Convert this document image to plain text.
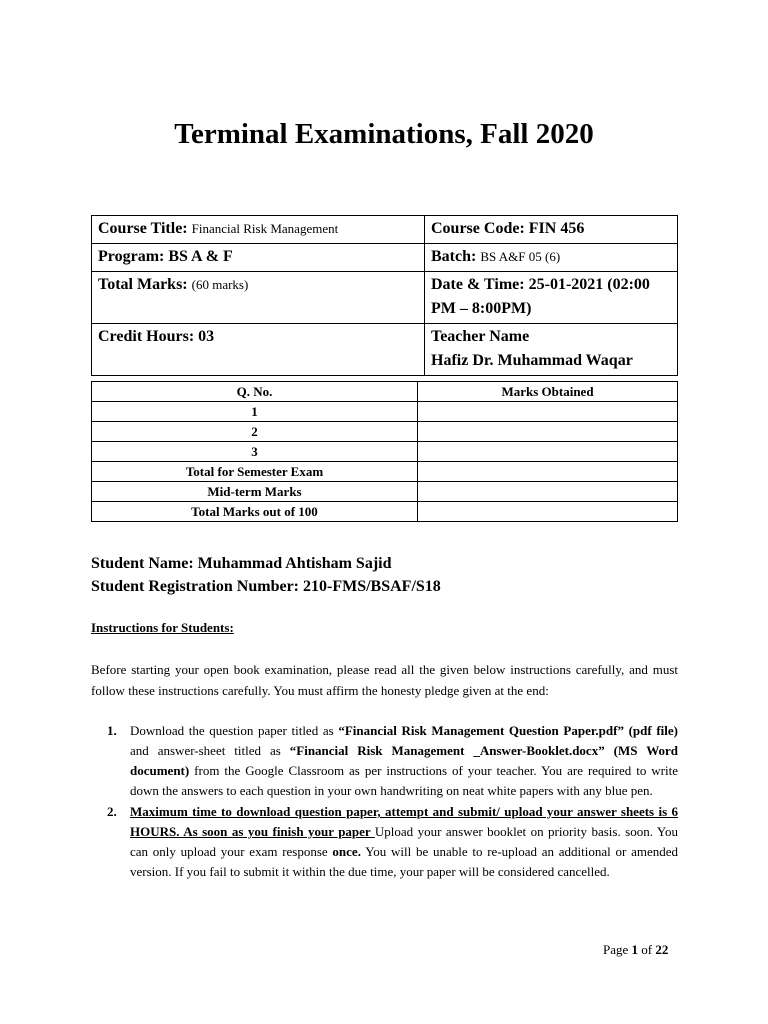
Terminal Examinations, Fall 2020
Course Title: Financial Risk Management	Course Code: FIN 456
Program: BS A & F	Batch: BS A&F 05 (6)
Total Marks: (60 marks)	Date & Time: 25-01-2021 (02:00 PM – 8:00PM)
Credit Hours: 03	Teacher Name
Hafiz Dr. Muhammad Waqar
Q. No.	Marks Obtained
1	
2	
3	
Total for Semester Exam	
Mid-term Marks	
Total Marks out of 100	
Student Name: Muhammad Ahtisham Sajid
Student Registration Number: 210-FMS/BSAF/S18
Instructions for Students:
Before starting your open book examination, please read all the given below instructions carefully, and must follow these instructions carefully. You must affirm the honesty pledge given at the end:
1. Download the question paper titled as “Financial Risk Management Question Paper.pdf” (pdf file) and answer-sheet titled as “Financial Risk Management _Answer-Booklet.docx” (MS Word document) from the Google Classroom as per instructions of your teacher. You are required to write down the answers to each question in your own handwriting on neat white papers with any blue pen.
2. Maximum time to download question paper, attempt and submit/ upload your answer sheets is 6 HOURS. As soon as you finish your paper Upload your answer booklet on priority basis. soon. You can only upload your exam response once. You will be unable to re-upload an additional or amended version. If you fail to submit it within the due time, your paper will be considered cancelled.
Page 1 of 22
